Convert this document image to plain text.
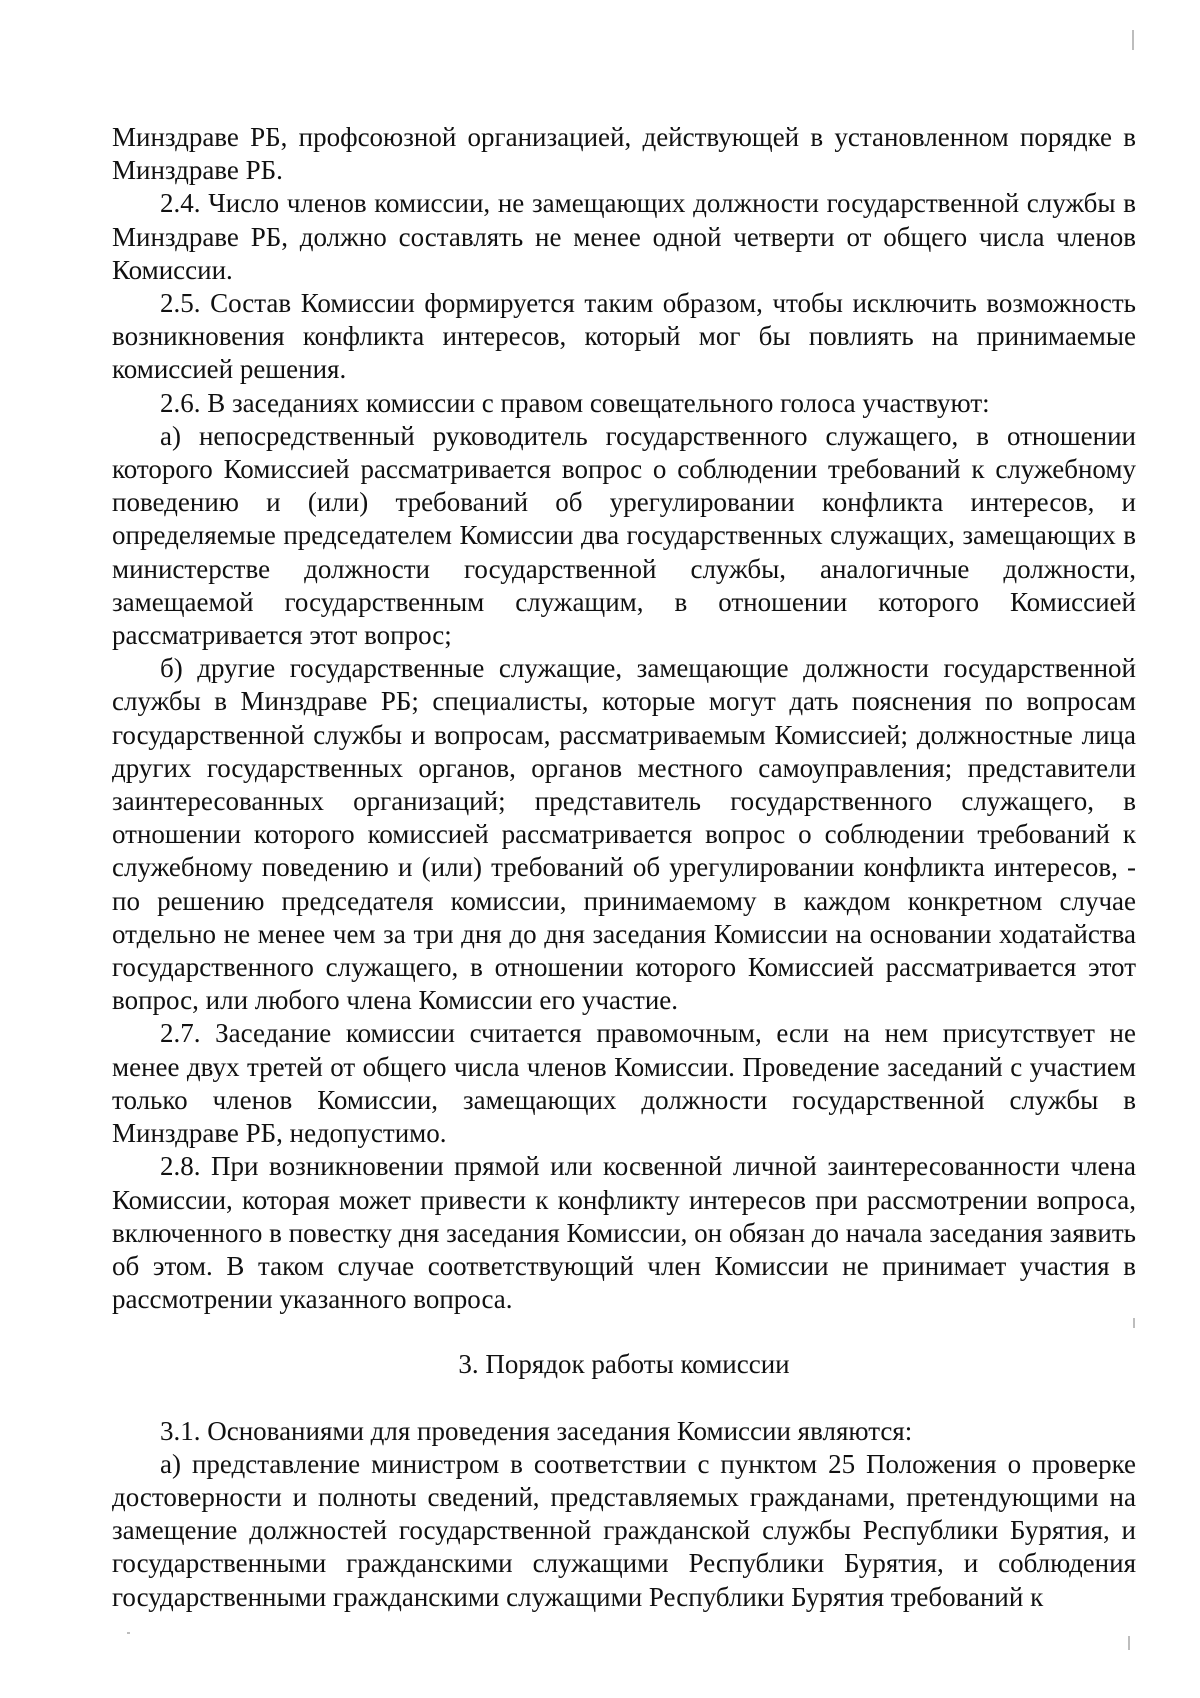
Минздраве РБ, профсоюзной организацией, действующей в установленном порядке в Минздраве РБ.

2.4. Число членов комиссии, не замещающих должности государственной службы в Минздраве РБ, должно составлять не менее одной четверти от общего числа членов Комиссии.

2.5. Состав Комиссии формируется таким образом, чтобы исключить возможность возникновения конфликта интересов, который мог бы повлиять на принимаемые комиссией решения.

2.6. В заседаниях комиссии с правом совещательного голоса участвуют:

а) непосредственный руководитель государственного служащего, в отношении которого Комиссией рассматривается вопрос о соблюдении требований к служебному поведению и (или) требований об урегулировании конфликта интересов, и определяемые председателем Комиссии два государственных служащих, замещающих в министерстве должности государственной службы, аналогичные должности, замещаемой государственным служащим, в отношении которого Комиссией рассматривается этот вопрос;

б) другие государственные служащие, замещающие должности государственной службы в Минздраве РБ; специалисты, которые могут дать пояснения по вопросам государственной службы и вопросам, рассматриваемым Комиссией; должностные лица других государственных органов, органов местного самоуправления; представители заинтересованных организаций; представитель государственного служащего, в отношении которого комиссией рассматривается вопрос о соблюдении требований к служебному поведению и (или) требований об урегулировании конфликта интересов, - по решению председателя комиссии, принимаемому в каждом конкретном случае отдельно не менее чем за три дня до дня заседания Комиссии на основании ходатайства государственного служащего, в отношении которого Комиссией рассматривается этот вопрос, или любого члена Комиссии его участие.

2.7. Заседание комиссии считается правомочным, если на нем присутствует не менее двух третей от общего числа членов Комиссии. Проведение заседаний с участием только членов Комиссии, замещающих должности государственной службы в Минздраве РБ, недопустимо.

2.8. При возникновении прямой или косвенной личной заинтересованности члена Комиссии, которая может привести к конфликту интересов при рассмотрении вопроса, включенного в повестку дня заседания Комиссии, он обязан до начала заседания заявить об этом. В таком случае соответствующий член Комиссии не принимает участия в рассмотрении указанного вопроса.

3. Порядок работы комиссии

3.1. Основаниями для проведения заседания Комиссии являются:

а) представление министром в соответствии с пунктом 25 Положения о проверке достоверности и полноты сведений, представляемых гражданами, претендующими на замещение должностей государственной гражданской службы Республики Бурятия, и государственными гражданскими служащими Республики Бурятия, и соблюдения государственными гражданскими служащими Республики Бурятия требований к
